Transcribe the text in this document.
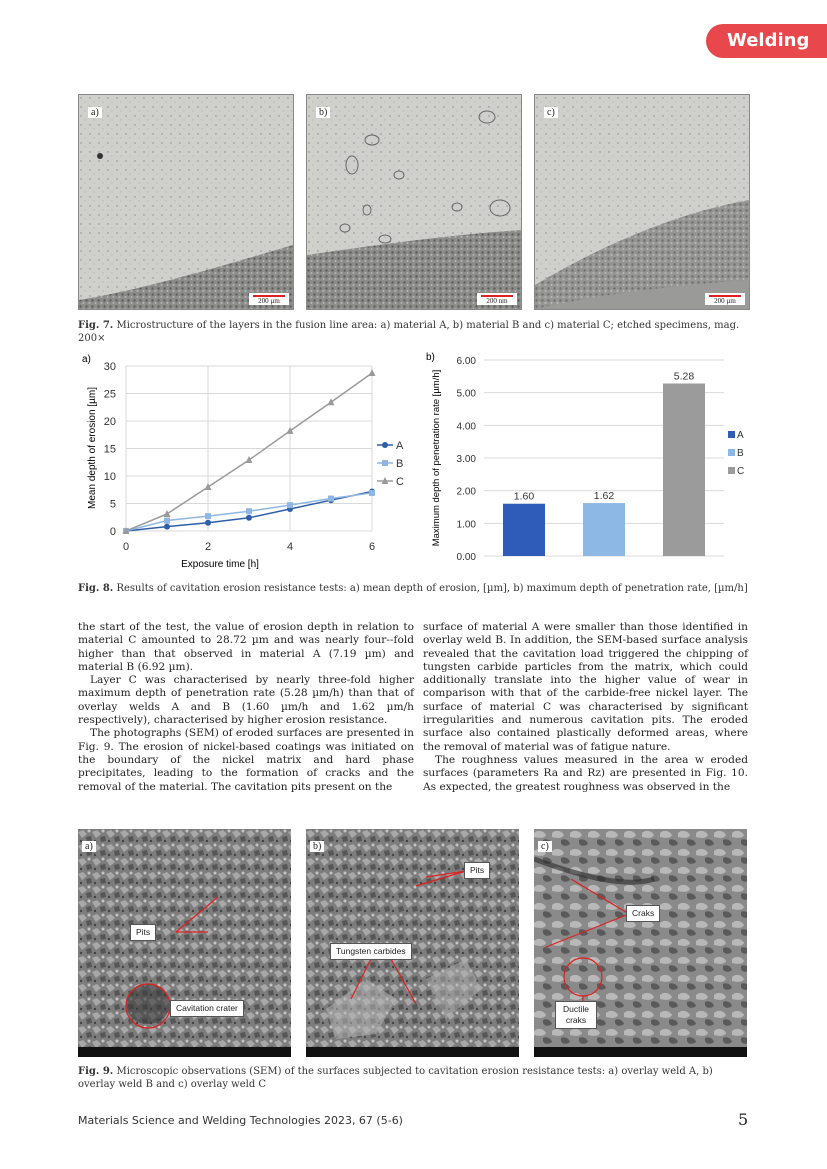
Welding
a)
200 µm
b)
200 nm
c)
200 µm
Fig. 7. Microstructure of the layers in the fusion line area: a) material A, b) material B and c) material C; etched specimens, mag. 200×
a)
0
5
10
15
20
25
30
0	2	4	6
A
B
C
Exposure time [h]
Mean depth of erosion [µm]
b)
1.60	1.62
5.28
0.00
1.00
2.00
3.00
4.00
5.00
6.00
A
B
C
Maximum depth of penetration rate [µm/h]
Fig. 8. Results of cavitation erosion resistance tests: a) mean depth of erosion, [µm], b) maximum depth of penetration rate, [µm/h]

the start of the test, the value of erosion depth in relation to material C amounted to 28.72 µm and was nearly four--fold higher than that observed in material A (7.19 µm) and material B (6.92 µm).

Layer C was characterised by nearly three-fold higher maximum depth of penetration rate (5.28 µm/h) than that of overlay welds A and B (1.60 µm/h and 1.62 µm/h respectively), characterised by higher erosion resistance.

The photographs (SEM) of eroded surfaces are presented in Fig. 9. The erosion of nickel-based coatings was initiated on the boundary of the nickel matrix and hard phase precipitates, leading to the formation of cracks and the removal of the material. The cavitation pits present on the

surface of material A were smaller than those identified in overlay weld B. In addition, the SEM-based surface analysis revealed that the cavitation load triggered the chipping of tungsten carbide particles from the matrix, which could additionally translate into the higher value of wear in comparison with that of the carbide-free nickel layer. The surface of material C was characterised by significant irregularities and numerous cavitation pits. The eroded surface also contained plastically deformed areas, where the removal of material was of fatigue nature.

The roughness values measured in the area w eroded surfaces (parameters Ra and Rz) are presented in Fig. 10. As expected, the greatest roughness was observed in the

a)
Pits
Cavitation crater
b)
Pits
Tungsten carbides
c)
Craks
Ductile craks
Fig. 9. Microscopic observations (SEM) of the surfaces subjected to cavitation erosion resistance tests: a) overlay weld A, b) overlay weld B and c) overlay weld C
Materials Science and Welding Technologies 2023, 67 (5-6)	5
